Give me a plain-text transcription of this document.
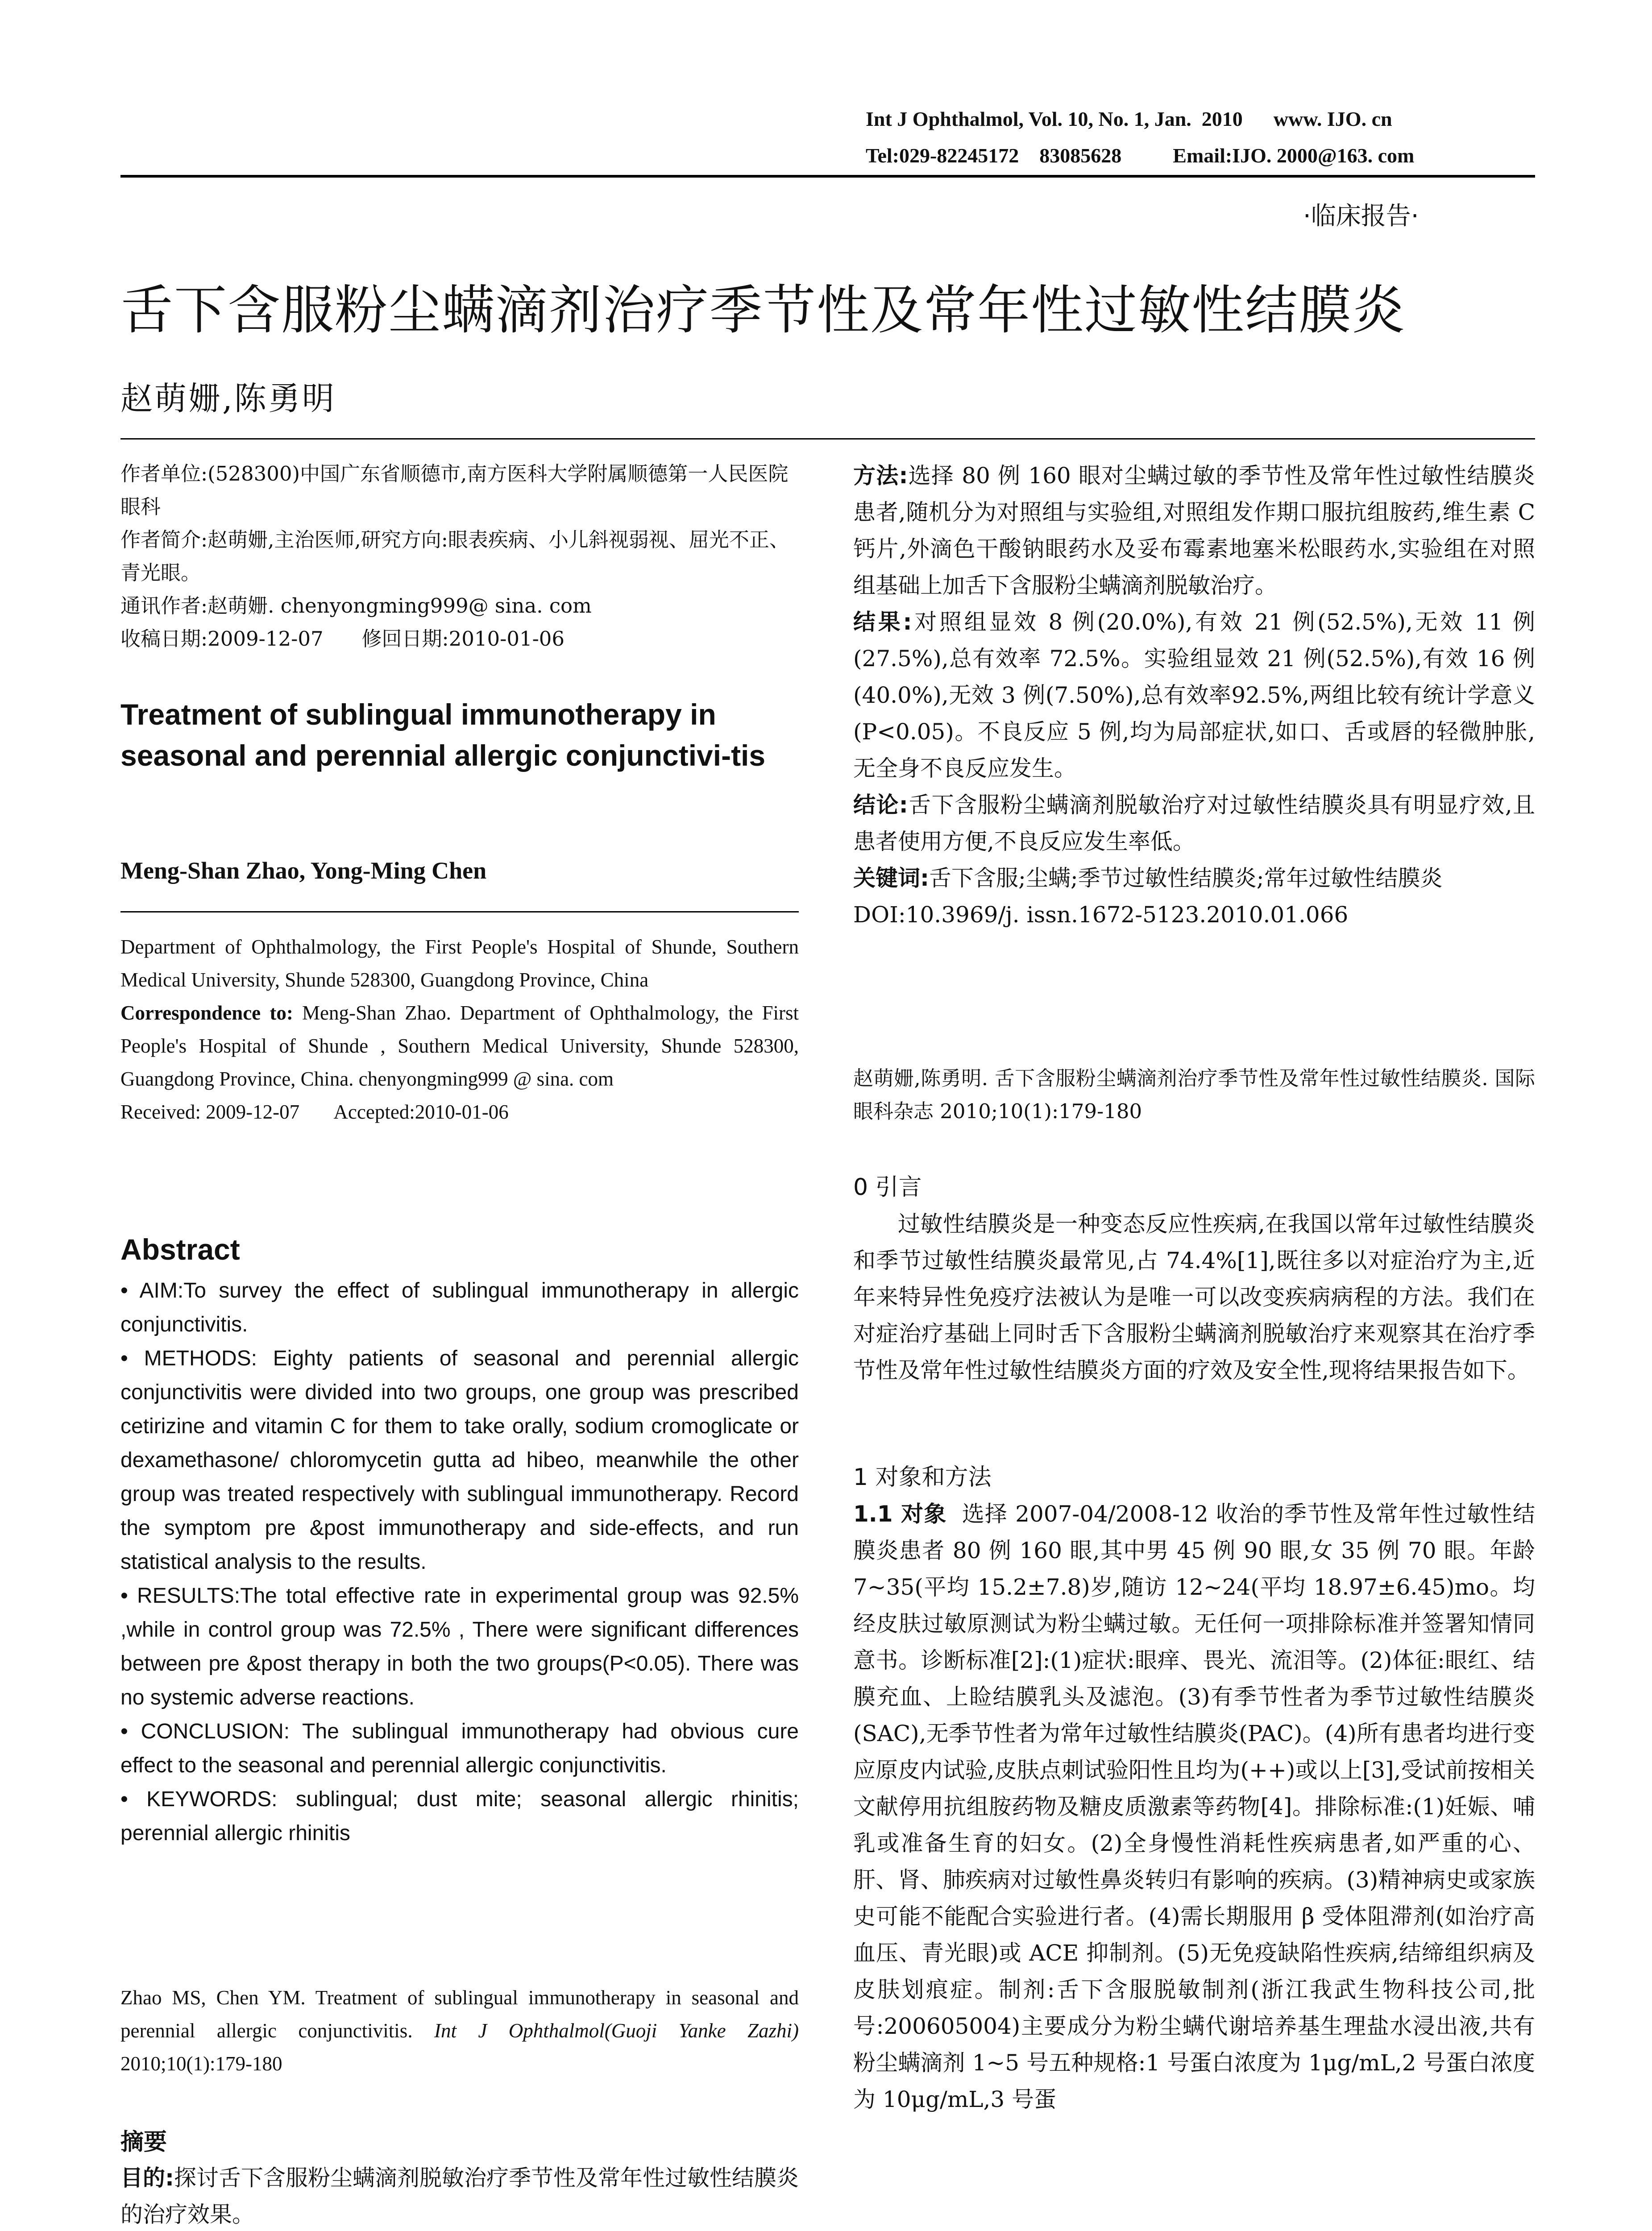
Int J Ophthalmol, Vol. 10, No. 1, Jan.  2010      www. IJO. cn
Tel:029-82245172    83085628          Email:IJO. 2000@163. com
·临床报告·
舌下含服粉尘螨滴剂治疗季节性及常年性过敏性结膜炎
赵萌姗,陈勇明
作者单位:(528300)中国广东省顺德市,南方医科大学附属顺德第一人民医院眼科
作者简介:赵萌姗,主治医师,研究方向:眼表疾病、小儿斜视弱视、屈光不正、青光眼。
通讯作者:赵萌姗. chenyongming999@ sina. com
收稿日期:2009-12-07      修回日期:2010-01-06
Treatment of sublingual immunotherapy in seasonal and perennial allergic conjunctivi-tis
Meng-Shan Zhao, Yong-Ming Chen
Department of Ophthalmology, the First People's Hospital of Shunde, Southern Medical University, Shunde 528300, Guangdong Province, China
Correspondence to: Meng-Shan Zhao. Department of Ophthalmology, the First People's Hospital of Shunde , Southern Medical University, Shunde 528300, Guangdong Province, China. chenyongming999 @ sina. com
Received: 2009-12-07       Accepted:2010-01-06
Abstract

• AIM:To survey the effect of sublingual immunotherapy in allergic conjunctivitis.

• METHODS: Eighty patients of seasonal and perennial allergic conjunctivitis were divided into two groups, one group was prescribed cetirizine and vitamin C for them to take orally, sodium cromoglicate or dexamethasone/ chloromycetin gutta ad hibeo, meanwhile the other group was treated respectively with sublingual immunotherapy. Record the symptom pre &post immunotherapy and side-effects, and run statistical analysis to the results.

• RESULTS:The total effective rate in experimental group was 92.5% ,while in control group was 72.5% , There were significant differences between pre &post therapy in both the two groups(P<0.05). There was no systemic adverse reactions.

• CONCLUSION: The sublingual immunotherapy had obvious cure effect to the seasonal and perennial allergic conjunctivitis.

• KEYWORDS: sublingual; dust mite; seasonal allergic rhinitis; perennial allergic rhinitis

Zhao MS, Chen YM. Treatment of sublingual immunotherapy in seasonal and perennial allergic conjunctivitis. Int J Ophthalmol(Guoji Yanke Zazhi) 2010;10(1):179-180
摘要

目的:探讨舌下含服粉尘螨滴剂脱敏治疗季节性及常年性过敏性结膜炎的治疗效果。

方法:选择 80 例 160 眼对尘螨过敏的季节性及常年性过敏性结膜炎患者,随机分为对照组与实验组,对照组发作期口服抗组胺药,维生素 C 钙片,外滴色干酸钠眼药水及妥布霉素地塞米松眼药水,实验组在对照组基础上加舌下含服粉尘螨滴剂脱敏治疗。

结果:对照组显效 8 例(20.0%),有效 21 例(52.5%),无效 11 例(27.5%),总有效率 72.5%。实验组显效 21 例(52.5%),有效 16 例(40.0%),无效 3 例(7.50%),总有效率92.5%,两组比较有统计学意义(P<0.05)。不良反应 5 例,均为局部症状,如口、舌或唇的轻微肿胀,无全身不良反应发生。

结论:舌下含服粉尘螨滴剂脱敏治疗对过敏性结膜炎具有明显疗效,且患者使用方便,不良反应发生率低。

关键词:舌下含服;尘螨;季节过敏性结膜炎;常年过敏性结膜炎

DOI:10.3969/j. issn.1672-5123.2010.01.066

赵萌姗,陈勇明. 舌下含服粉尘螨滴剂治疗季节性及常年性过敏性结膜炎. 国际眼科杂志 2010;10(1):179-180
0 引言

过敏性结膜炎是一种变态反应性疾病,在我国以常年过敏性结膜炎和季节过敏性结膜炎最常见,占 74.4%[1],既往多以对症治疗为主,近年来特异性免疫疗法被认为是唯一可以改变疾病病程的方法。我们在对症治疗基础上同时舌下含服粉尘螨滴剂脱敏治疗来观察其在治疗季节性及常年性过敏性结膜炎方面的疗效及安全性,现将结果报告如下。

1 对象和方法

1.1 对象 选择 2007-04/2008-12 收治的季节性及常年性过敏性结膜炎患者 80 例 160 眼,其中男 45 例 90 眼,女 35 例 70 眼。年龄 7~35(平均 15.2±7.8)岁,随访 12~24(平均 18.97±6.45)mo。均经皮肤过敏原测试为粉尘螨过敏。无任何一项排除标准并签署知情同意书。诊断标准[2]:(1)症状:眼痒、畏光、流泪等。(2)体征:眼红、结膜充血、上睑结膜乳头及滤泡。(3)有季节性者为季节过敏性结膜炎(SAC),无季节性者为常年过敏性结膜炎(PAC)。(4)所有患者均进行变应原皮内试验,皮肤点刺试验阳性且均为(++)或以上[3],受试前按相关文献停用抗组胺药物及糖皮质激素等药物[4]。排除标准:(1)妊娠、哺乳或准备生育的妇女。(2)全身慢性消耗性疾病患者,如严重的心、肝、肾、肺疾病对过敏性鼻炎转归有影响的疾病。(3)精神病史或家族史可能不能配合实验进行者。(4)需长期服用 β 受体阻滞剂(如治疗高血压、青光眼)或 ACE 抑制剂。(5)无免疫缺陷性疾病,结缔组织病及皮肤划痕症。制剂:舌下含服脱敏制剂(浙江我武生物科技公司,批号:200605004)主要成分为粉尘螨代谢培养基生理盐水浸出液,共有粉尘螨滴剂 1~5 号五种规格:1 号蛋白浓度为 1μg/mL,2 号蛋白浓度为 10μg/mL,3 号蛋
